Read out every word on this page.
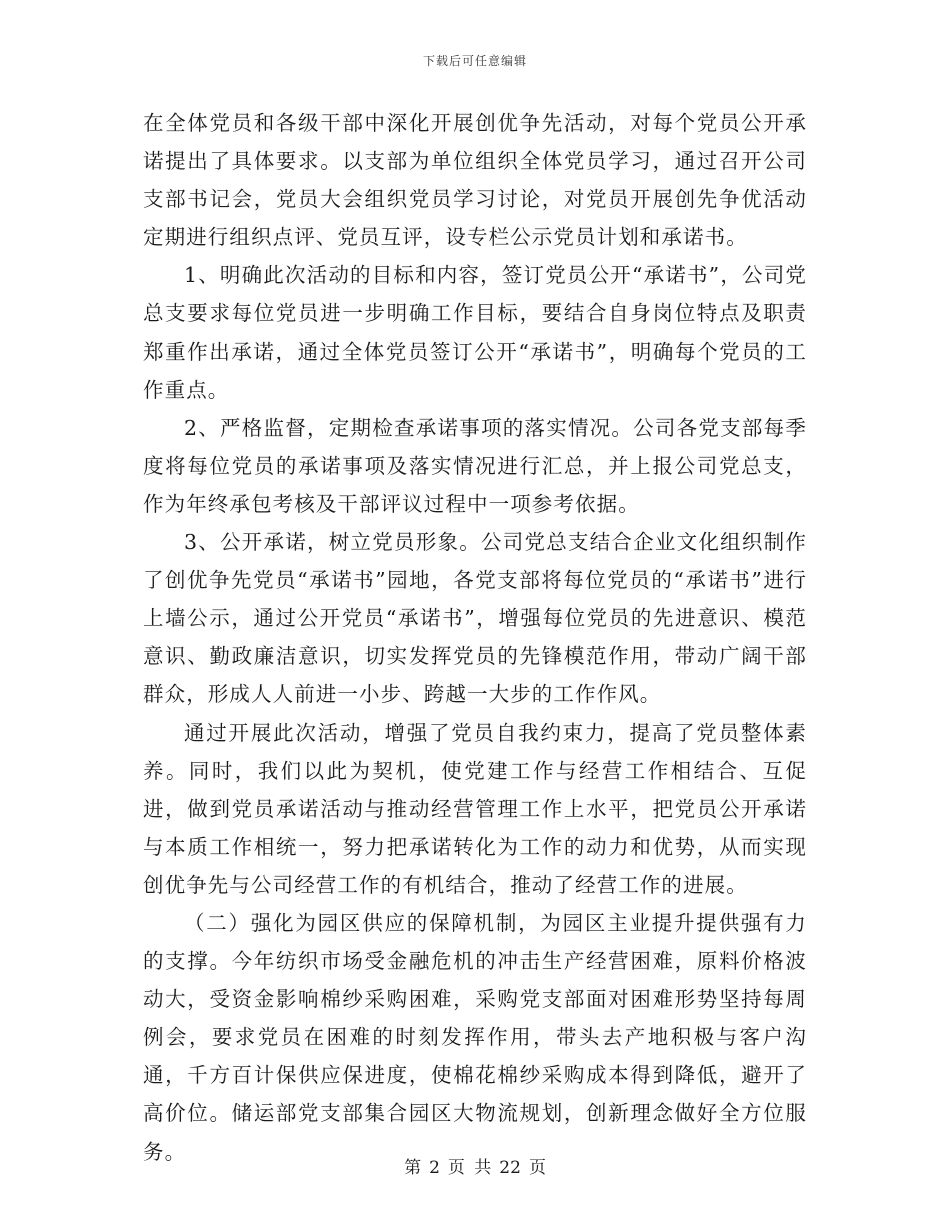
下载后可任意编辑

在全体党员和各级干部中深化开展创优争先活动，对每个党员公开承诺提出了具体要求。以支部为单位组织全体党员学习，通过召开公司支部书记会，党员大会组织党员学习讨论，对党员开展创先争优活动定期进行组织点评、党员互评，设专栏公示党员计划和承诺书。

1、明确此次活动的目标和内容，签订党员公开“承诺书”，公司党总支要求每位党员进一步明确工作目标，要结合自身岗位特点及职责郑重作出承诺，通过全体党员签订公开“承诺书”，明确每个党员的工作重点。

2、严格监督，定期检查承诺事项的落实情况。公司各党支部每季度将每位党员的承诺事项及落实情况进行汇总，并上报公司党总支，作为年终承包考核及干部评议过程中一项参考依据。

3、公开承诺，树立党员形象。公司党总支结合企业文化组织制作了创优争先党员“承诺书”园地，各党支部将每位党员的“承诺书”进行上墙公示，通过公开党员“承诺书”，增强每位党员的先进意识、模范意识、勤政廉洁意识，切实发挥党员的先锋模范作用，带动广阔干部群众，形成人人前进一小步、跨越一大步的工作作风。

通过开展此次活动，增强了党员自我约束力，提高了党员整体素养。同时，我们以此为契机，使党建工作与经营工作相结合、互促进，做到党员承诺活动与推动经营管理工作上水平，把党员公开承诺与本质工作相统一，努力把承诺转化为工作的动力和优势，从而实现创优争先与公司经营工作的有机结合，推动了经营工作的进展。

（二）强化为园区供应的保障机制，为园区主业提升提供强有力的支撑。今年纺织市场受金融危机的冲击生产经营困难，原料价格波动大，受资金影响棉纱采购困难，采购党支部面对困难形势坚持每周例会，要求党员在困难的时刻发挥作用，带头去产地积极与客户沟通，千方百计保供应保进度，使棉花棉纱采购成本得到降低，避开了高价位。储运部党支部集合园区大物流规划，创新理念做好全方位服务。

第 2 页 共 22 页
